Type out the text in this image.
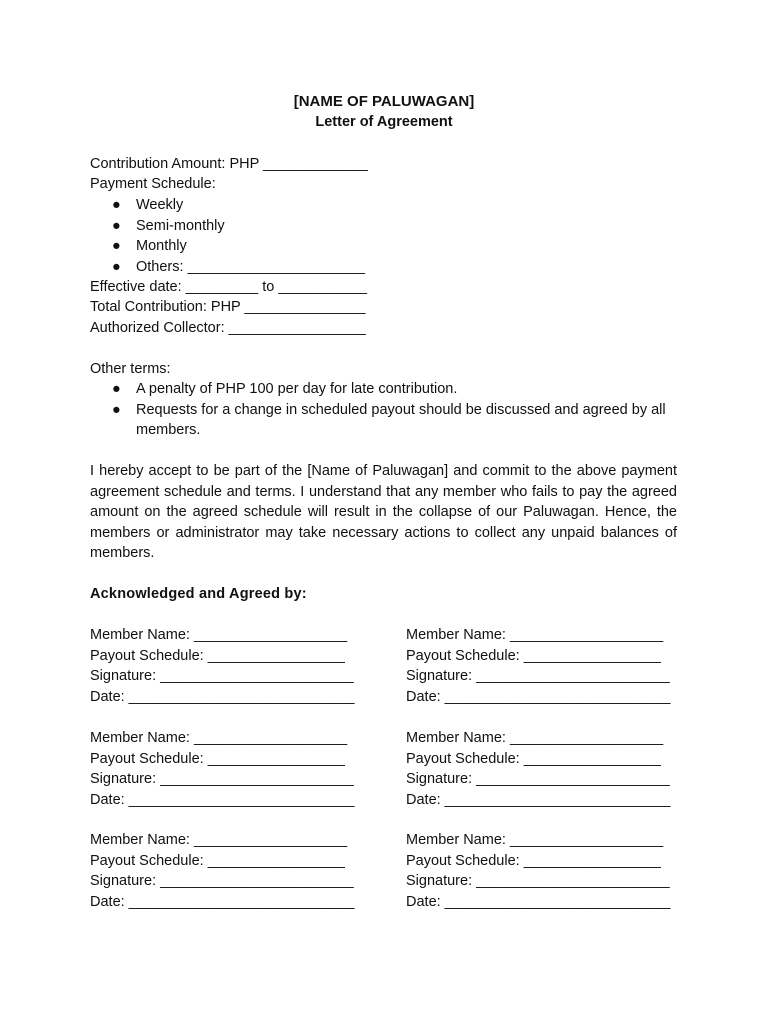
[NAME OF PALUWAGAN]
Letter of Agreement
Contribution Amount: PHP _____________
Payment Schedule:
● Weekly
● Semi-monthly
● Monthly
● Others: ______________________
Effective date: _________ to ___________
Total Contribution: PHP _______________
Authorized Collector: _________________
Other terms:
● A penalty of PHP 100 per day for late contribution.
● Requests for a change in scheduled payout should be discussed and agreed by all members.

I hereby accept to be part of the [Name of Paluwagan] and commit to the above payment agreement schedule and terms. I understand that any member who fails to pay the agreed amount on the agreed schedule will result in the collapse of our Paluwagan. Hence, the members or administrator may take necessary actions to collect any unpaid balances of members.

Acknowledged and Agreed by:
Member Name: ___________________
Payout Schedule: _________________
Signature: ________________________
Date: ____________________________
Member Name: ___________________
Payout Schedule: _________________
Signature: ________________________
Date: ____________________________
Member Name: ___________________
Payout Schedule: _________________
Signature: ________________________
Date: ____________________________
Member Name: ___________________
Payout Schedule: _________________
Signature: ________________________
Date: ____________________________
Member Name: ___________________
Payout Schedule: _________________
Signature: ________________________
Date: ____________________________
Member Name: ___________________
Payout Schedule: _________________
Signature: ________________________
Date: ____________________________
